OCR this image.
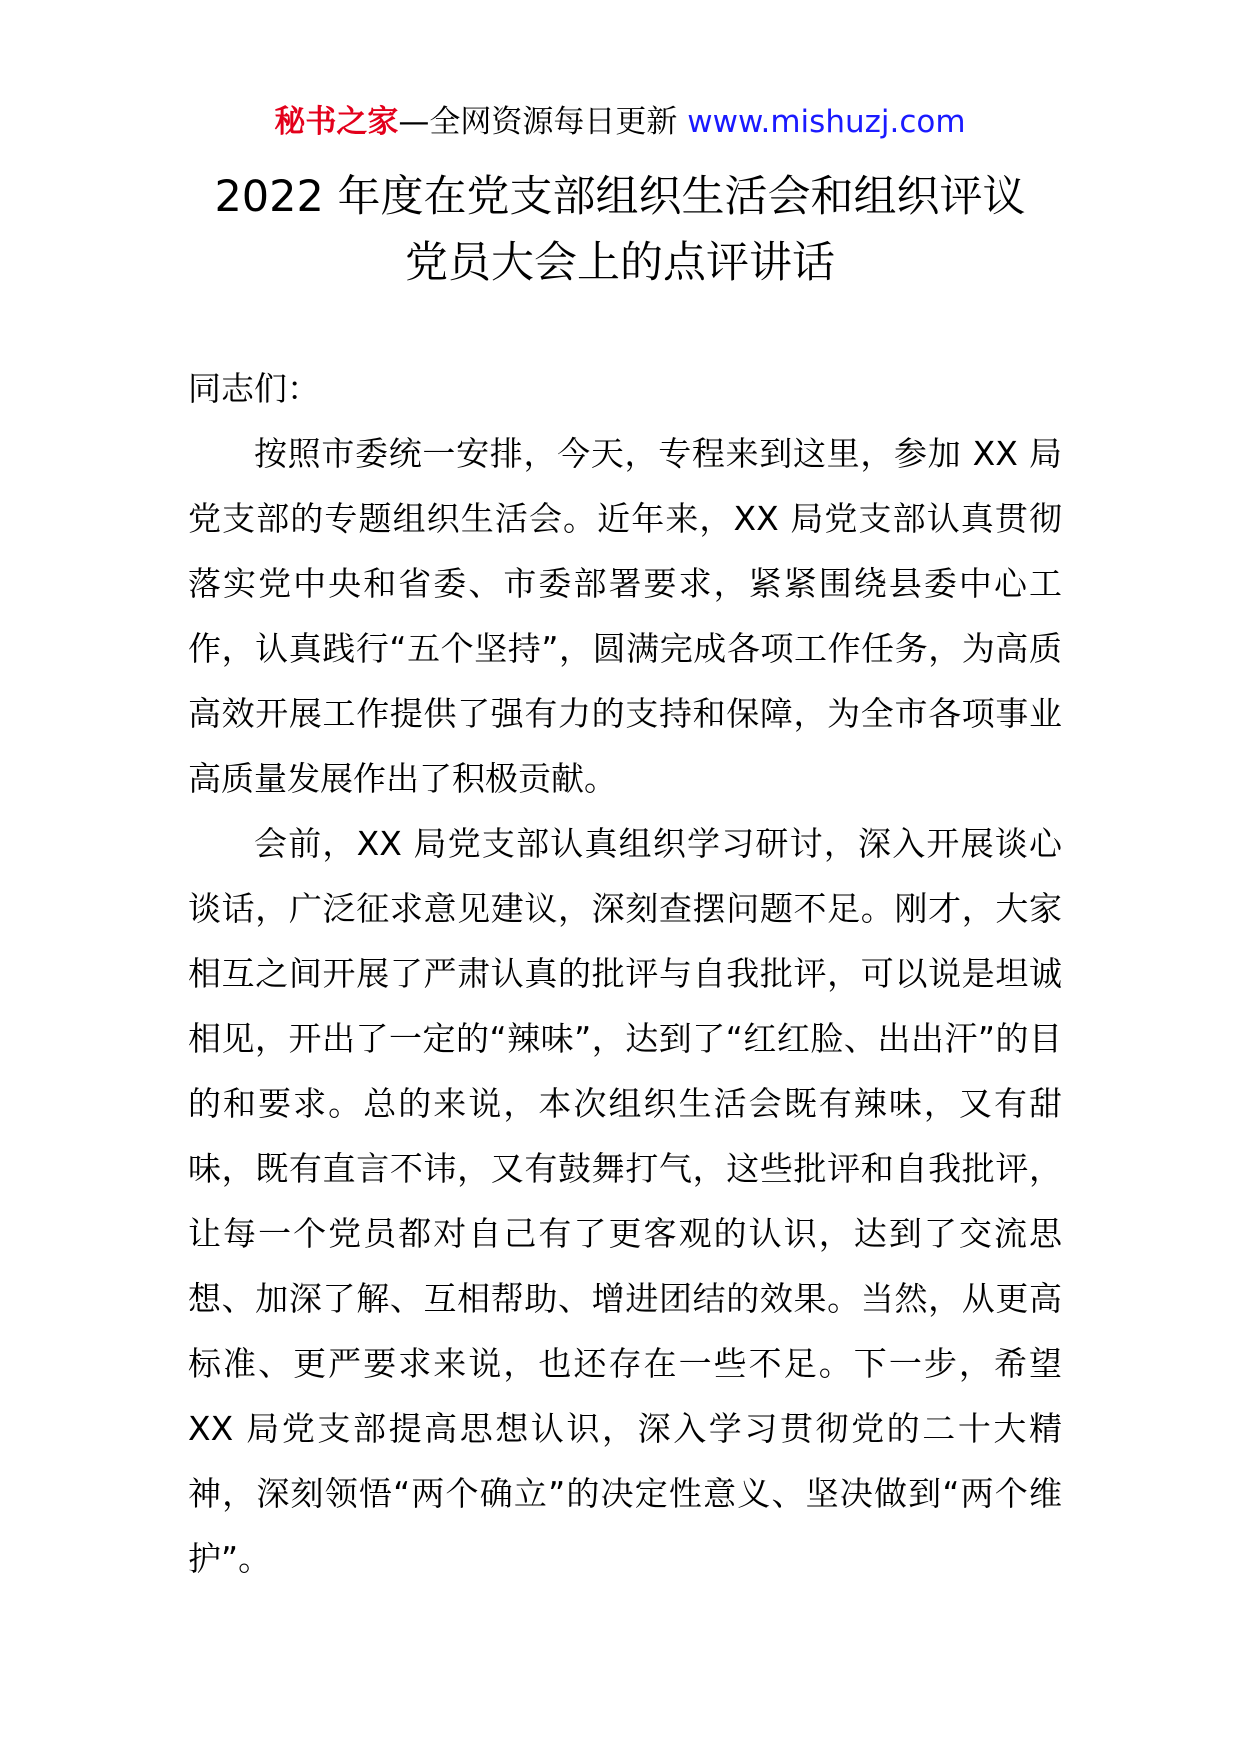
秘书之家—全网资源每日更新 www.mishuzj.com
2022 年度在党支部组织生活会和组织评议
党员大会上的点评讲话

同志们：

按照市委统一安排，今天，专程来到这里，参加 XX 局党支部的专题组织生活会。近年来，XX 局党支部认真贯彻落实党中央和省委、市委部署要求，紧紧围绕县委中心工作，认真践行“五个坚持”，圆满完成各项工作任务，为高质高效开展工作提供了强有力的支持和保障，为全市各项事业高质量发展作出了积极贡献。

会前，XX 局党支部认真组织学习研讨，深入开展谈心谈话，广泛征求意见建议，深刻查摆问题不足。刚才，大家相互之间开展了严肃认真的批评与自我批评，可以说是坦诚相见，开出了一定的“辣味”，达到了“红红脸、出出汗”的目的和要求。总的来说，本次组织生活会既有辣味，又有甜味，既有直言不讳，又有鼓舞打气，这些批评和自我批评，让每一个党员都对自己有了更客观的认识，达到了交流思想、加深了解、互相帮助、增进团结的效果。当然，从更高标准、更严要求来说，也还存在一些不足。下一步，希望 XX 局党支部提高思想认识，深入学习贯彻党的二十大精神，深刻领悟“两个确立”的决定性意义、坚决做到“两个维护”。
